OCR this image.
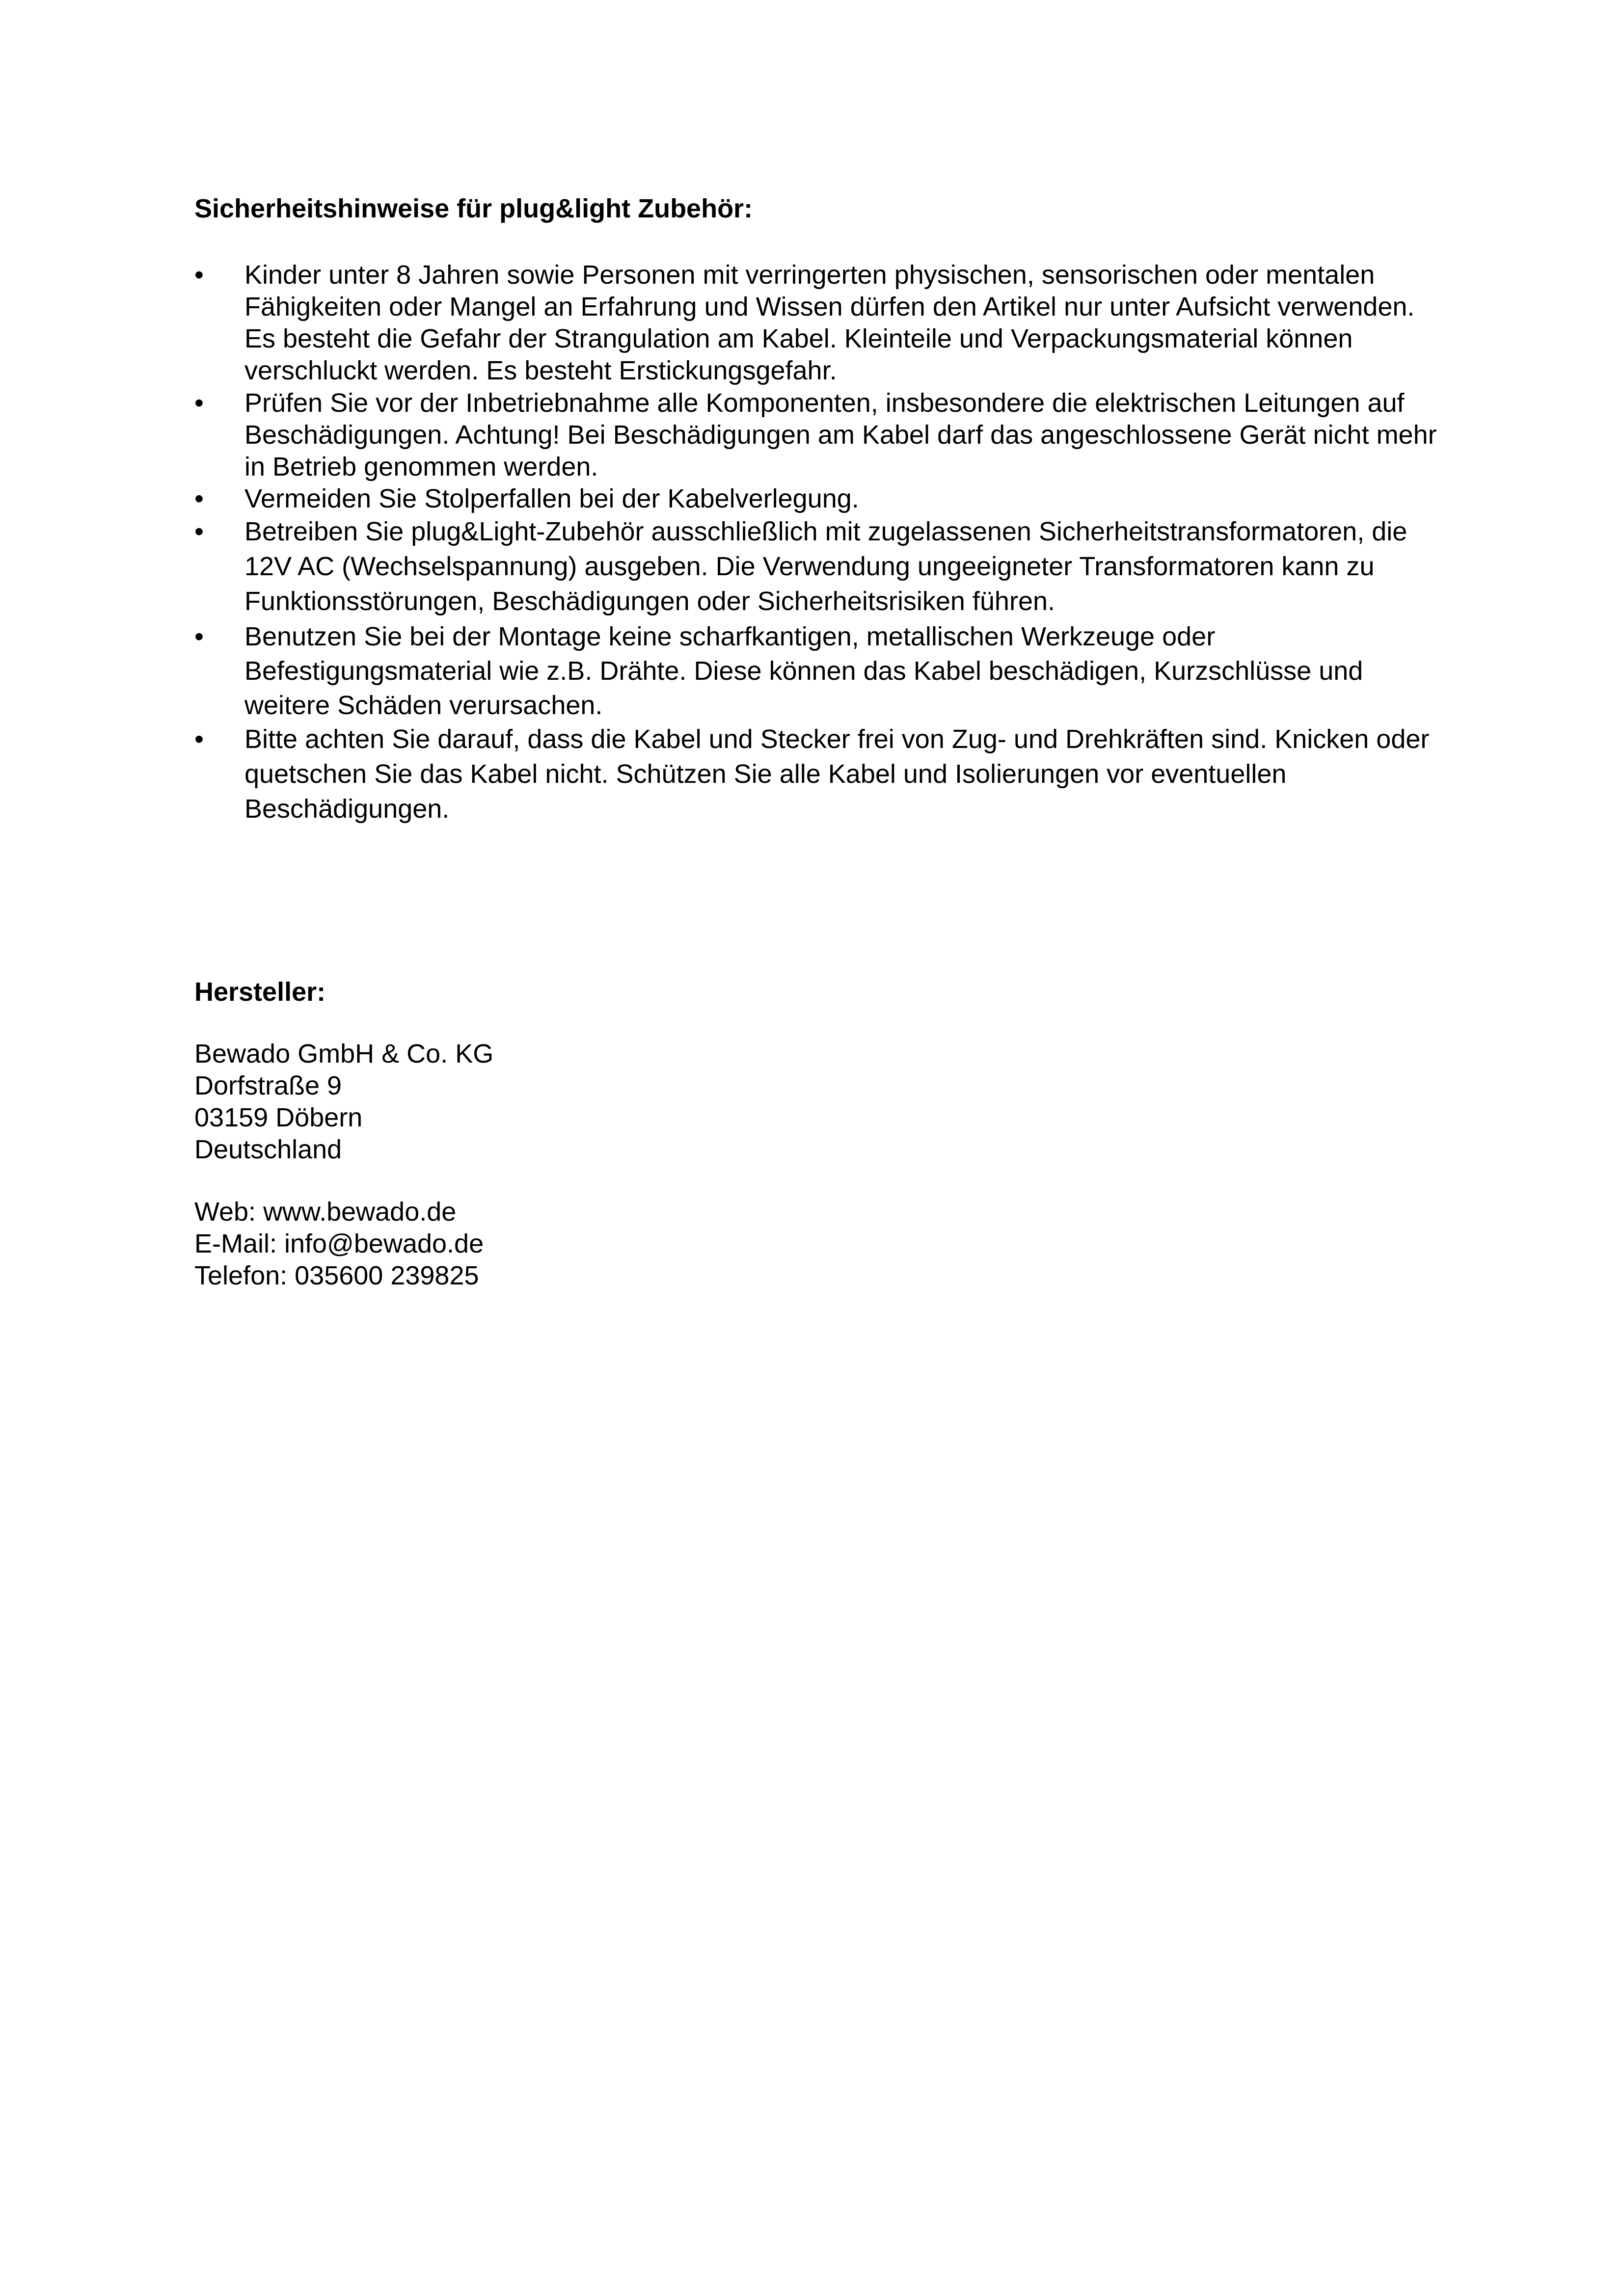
Sicherheitshinweise für plug&light Zubehör:
• Kinder unter 8 Jahren sowie Personen mit verringerten physischen, sensorischen oder mentalen Fähigkeiten oder Mangel an Erfahrung und Wissen dürfen den Artikel nur unter Aufsicht verwenden. Es besteht die Gefahr der Strangulation am Kabel. Kleinteile und Verpackungsmaterial können verschluckt werden. Es besteht Erstickungsgefahr.
• Prüfen Sie vor der Inbetriebnahme alle Komponenten, insbesondere die elektrischen Leitungen auf Beschädigungen. Achtung! Bei Beschädigungen am Kabel darf das angeschlossene Gerät nicht mehr in Betrieb genommen werden.
• Vermeiden Sie Stolperfallen bei der Kabelverlegung.
• Betreiben Sie plug&Light-Zubehör ausschließlich mit zugelassenen Sicherheitstransformatoren, die 12V AC (Wechselspannung) ausgeben. Die Verwendung ungeeigneter Transformatoren kann zu Funktionsstörungen, Beschädigungen oder Sicherheitsrisiken führen.
• Benutzen Sie bei der Montage keine scharfkantigen, metallischen Werkzeuge oder Befestigungsmaterial wie z.B. Drähte. Diese können das Kabel beschädigen, Kurzschlüsse und weitere Schäden verursachen.
• Bitte achten Sie darauf, dass die Kabel und Stecker frei von Zug- und Drehkräften sind. Knicken oder quetschen Sie das Kabel nicht. Schützen Sie alle Kabel und Isolierungen vor eventuellen Beschädigungen.
Hersteller:
Bewado GmbH & Co. KG
Dorfstraße 9
03159 Döbern
Deutschland
Web: www.bewado.de
E-Mail: info@bewado.de
Telefon: 035600 239825
